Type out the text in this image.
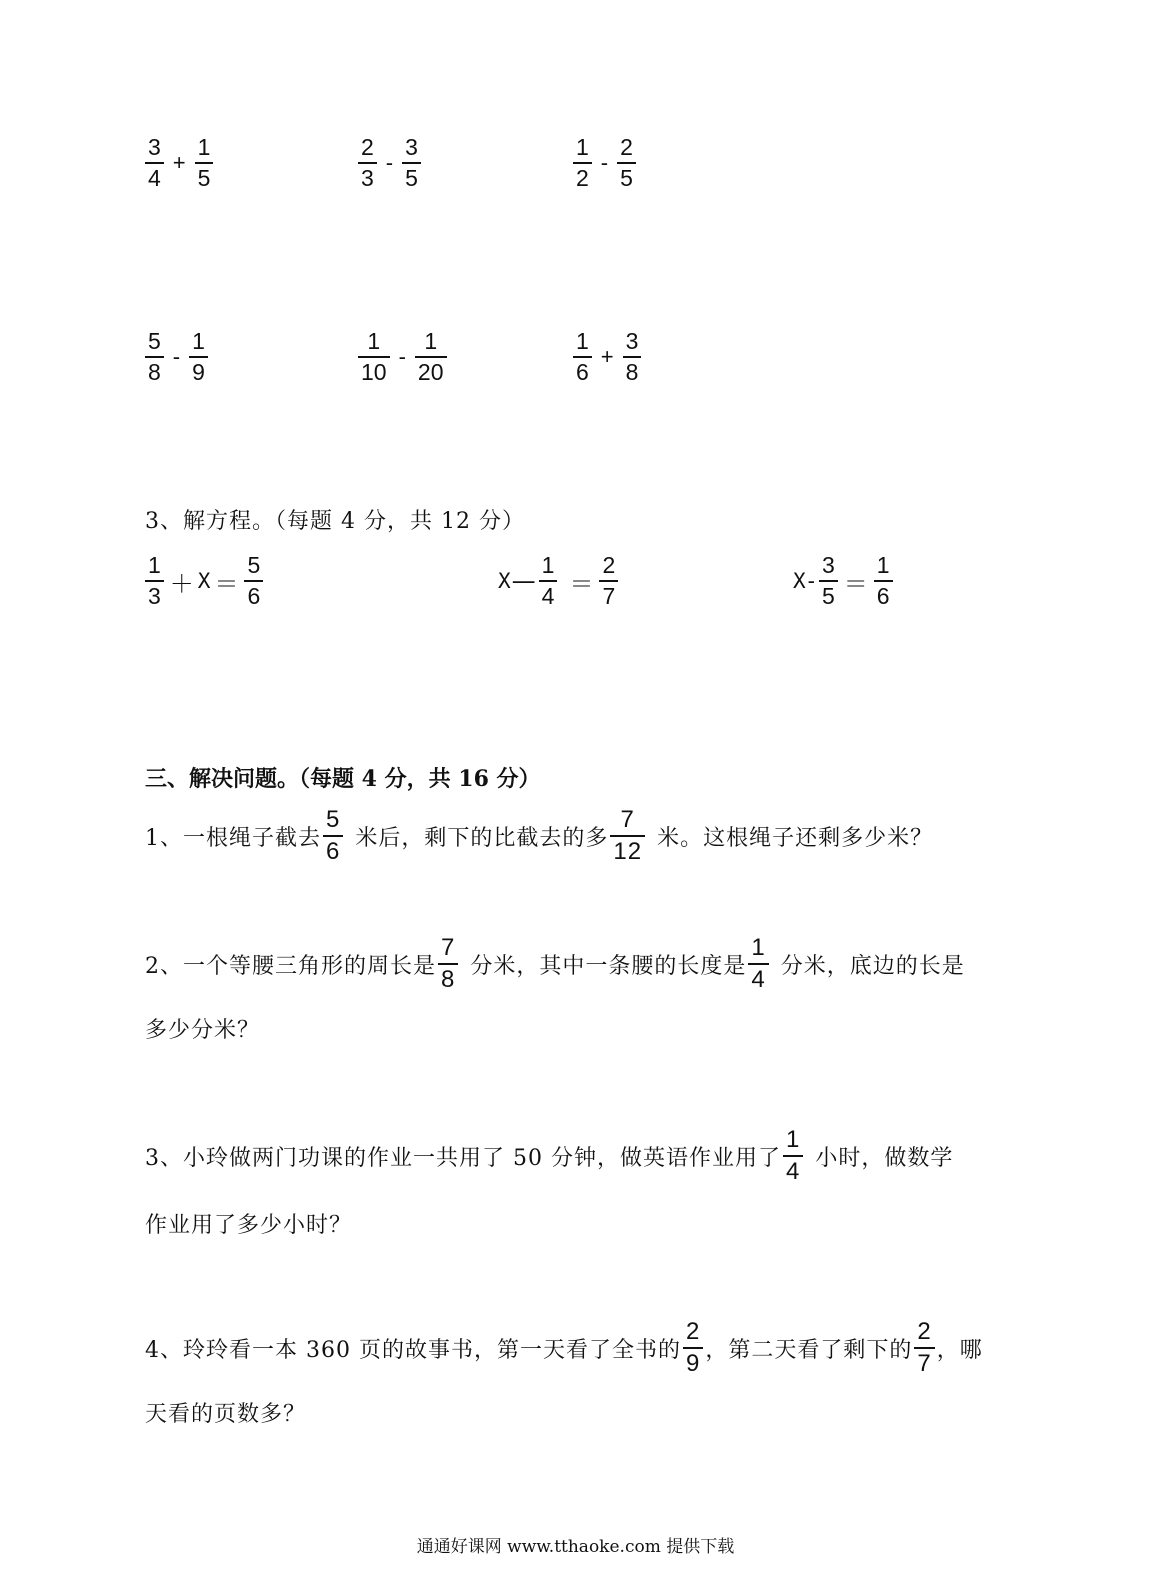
$\frac{3}{4} + \frac{1}{5}$	$\frac{2}{3} - \frac{3}{5}$	$\frac{1}{2} - \frac{2}{5}$
$\frac{5}{8} - \frac{1}{9}$	$\frac{1}{10} - \frac{1}{20}$	$\frac{1}{6} + \frac{3}{8}$
3、解方程。（每题 4 分，共 12 分）
$\frac{1}{3} + X = \frac{5}{6}$	X — $\frac{1}{4} = \frac{2}{7}$	$X - \frac{3}{5} = \frac{1}{6}$
三、解决问题。（每题 4 分，共 16 分）
1、一根绳子截去 $\frac{5}{6}$ 米后，剩下的比截去的多 $\frac{7}{12}$ 米。这根绳子还剩多少米？
2、一个等腰三角形的周长是 $\frac{7}{8}$ 分米，其中一条腰的长度是 $\frac{1}{4}$ 分米，底边的长是
多少分米？
3、小玲做两门功课的作业一共用了 50 分钟，做英语作业用了 $\frac{1}{4}$ 小时，做数学
作业用了多少小时？
4、玲玲看一本 360 页的故事书，第一天看了全书的 $\frac{2}{9}$ ，第二天看了剩下的 $\frac{2}{7}$ ，哪
天看的页数多？
通通好课网 www.tthaoke.com 提供下载
